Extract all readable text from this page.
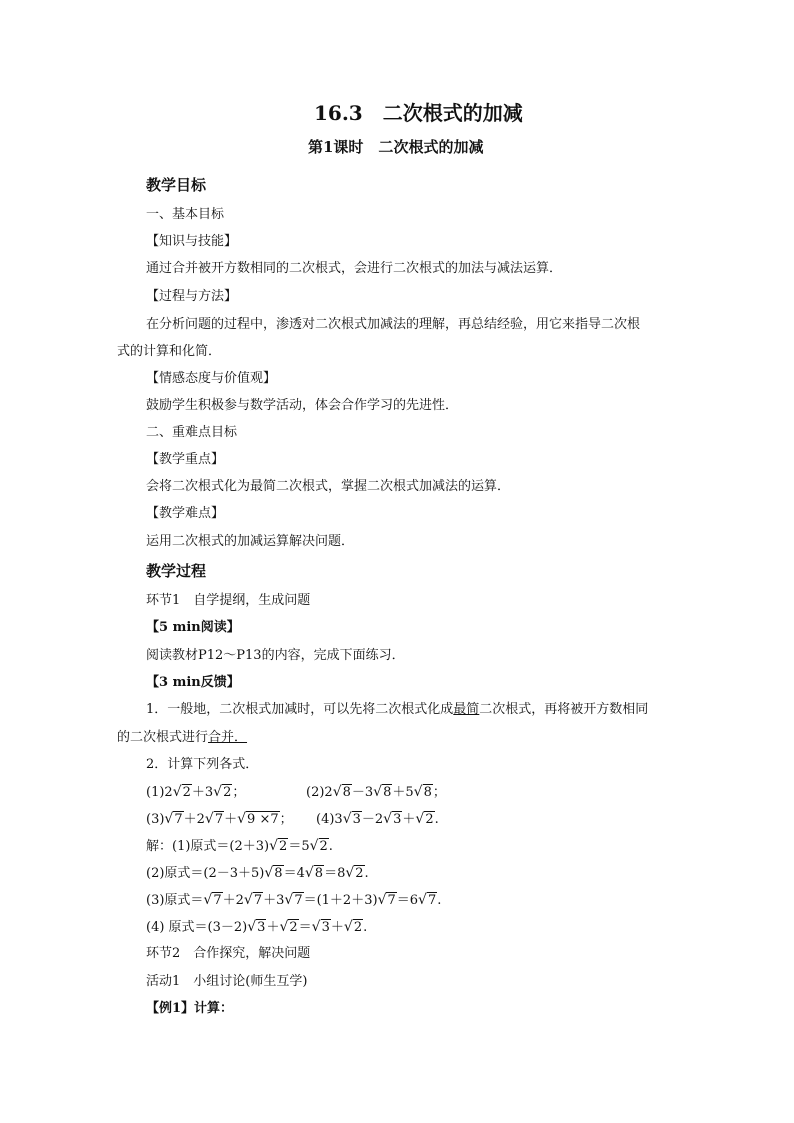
16.3　二次根式的加减
第1课时　二次根式的加减
教学目标
一、基本目标
【知识与技能】
通过合并被开方数相同的二次根式，会进行二次根式的加法与减法运算．
【过程与方法】
在分析问题的过程中，渗透对二次根式加减法的理解，再总结经验，用它来指导二次根
式的计算和化简．
【情感态度与价值观】
鼓励学生积极参与数学活动，体会合作学习的先进性．
二、重难点目标
【教学重点】
会将二次根式化为最简二次根式，掌握二次根式加减法的运算．
【教学难点】
运用二次根式的加减运算解决问题．
教学过程
环节1　自学提纲，生成问题
【5 min阅读】
阅读教材P12～P13的内容，完成下面练习．
【3 min反馈】
1．一般地，二次根式加减时，可以先将二次根式化成最简二次根式，再将被开方数相同
的二次根式进行合并．
2．计算下列各式．
(1)2√2＋3√2；	(2)2√8－3√8＋5√8；
(3)√7＋2√7＋√9 ×7； (4)3√3－2√3＋√2.
解：(1)原式＝(2＋3)√2＝5√2.
(2)原式＝(2－3＋5)√8＝4√8＝8√2.
(3)原式＝√7＋2√7＋3√7＝(1＋2＋3)√7＝6√7.
(4) 原式＝(3－2)√3＋√2＝√3＋√2.
环节2　合作探究，解决问题
活动1　小组讨论(师生互学)
【例1】计算：
